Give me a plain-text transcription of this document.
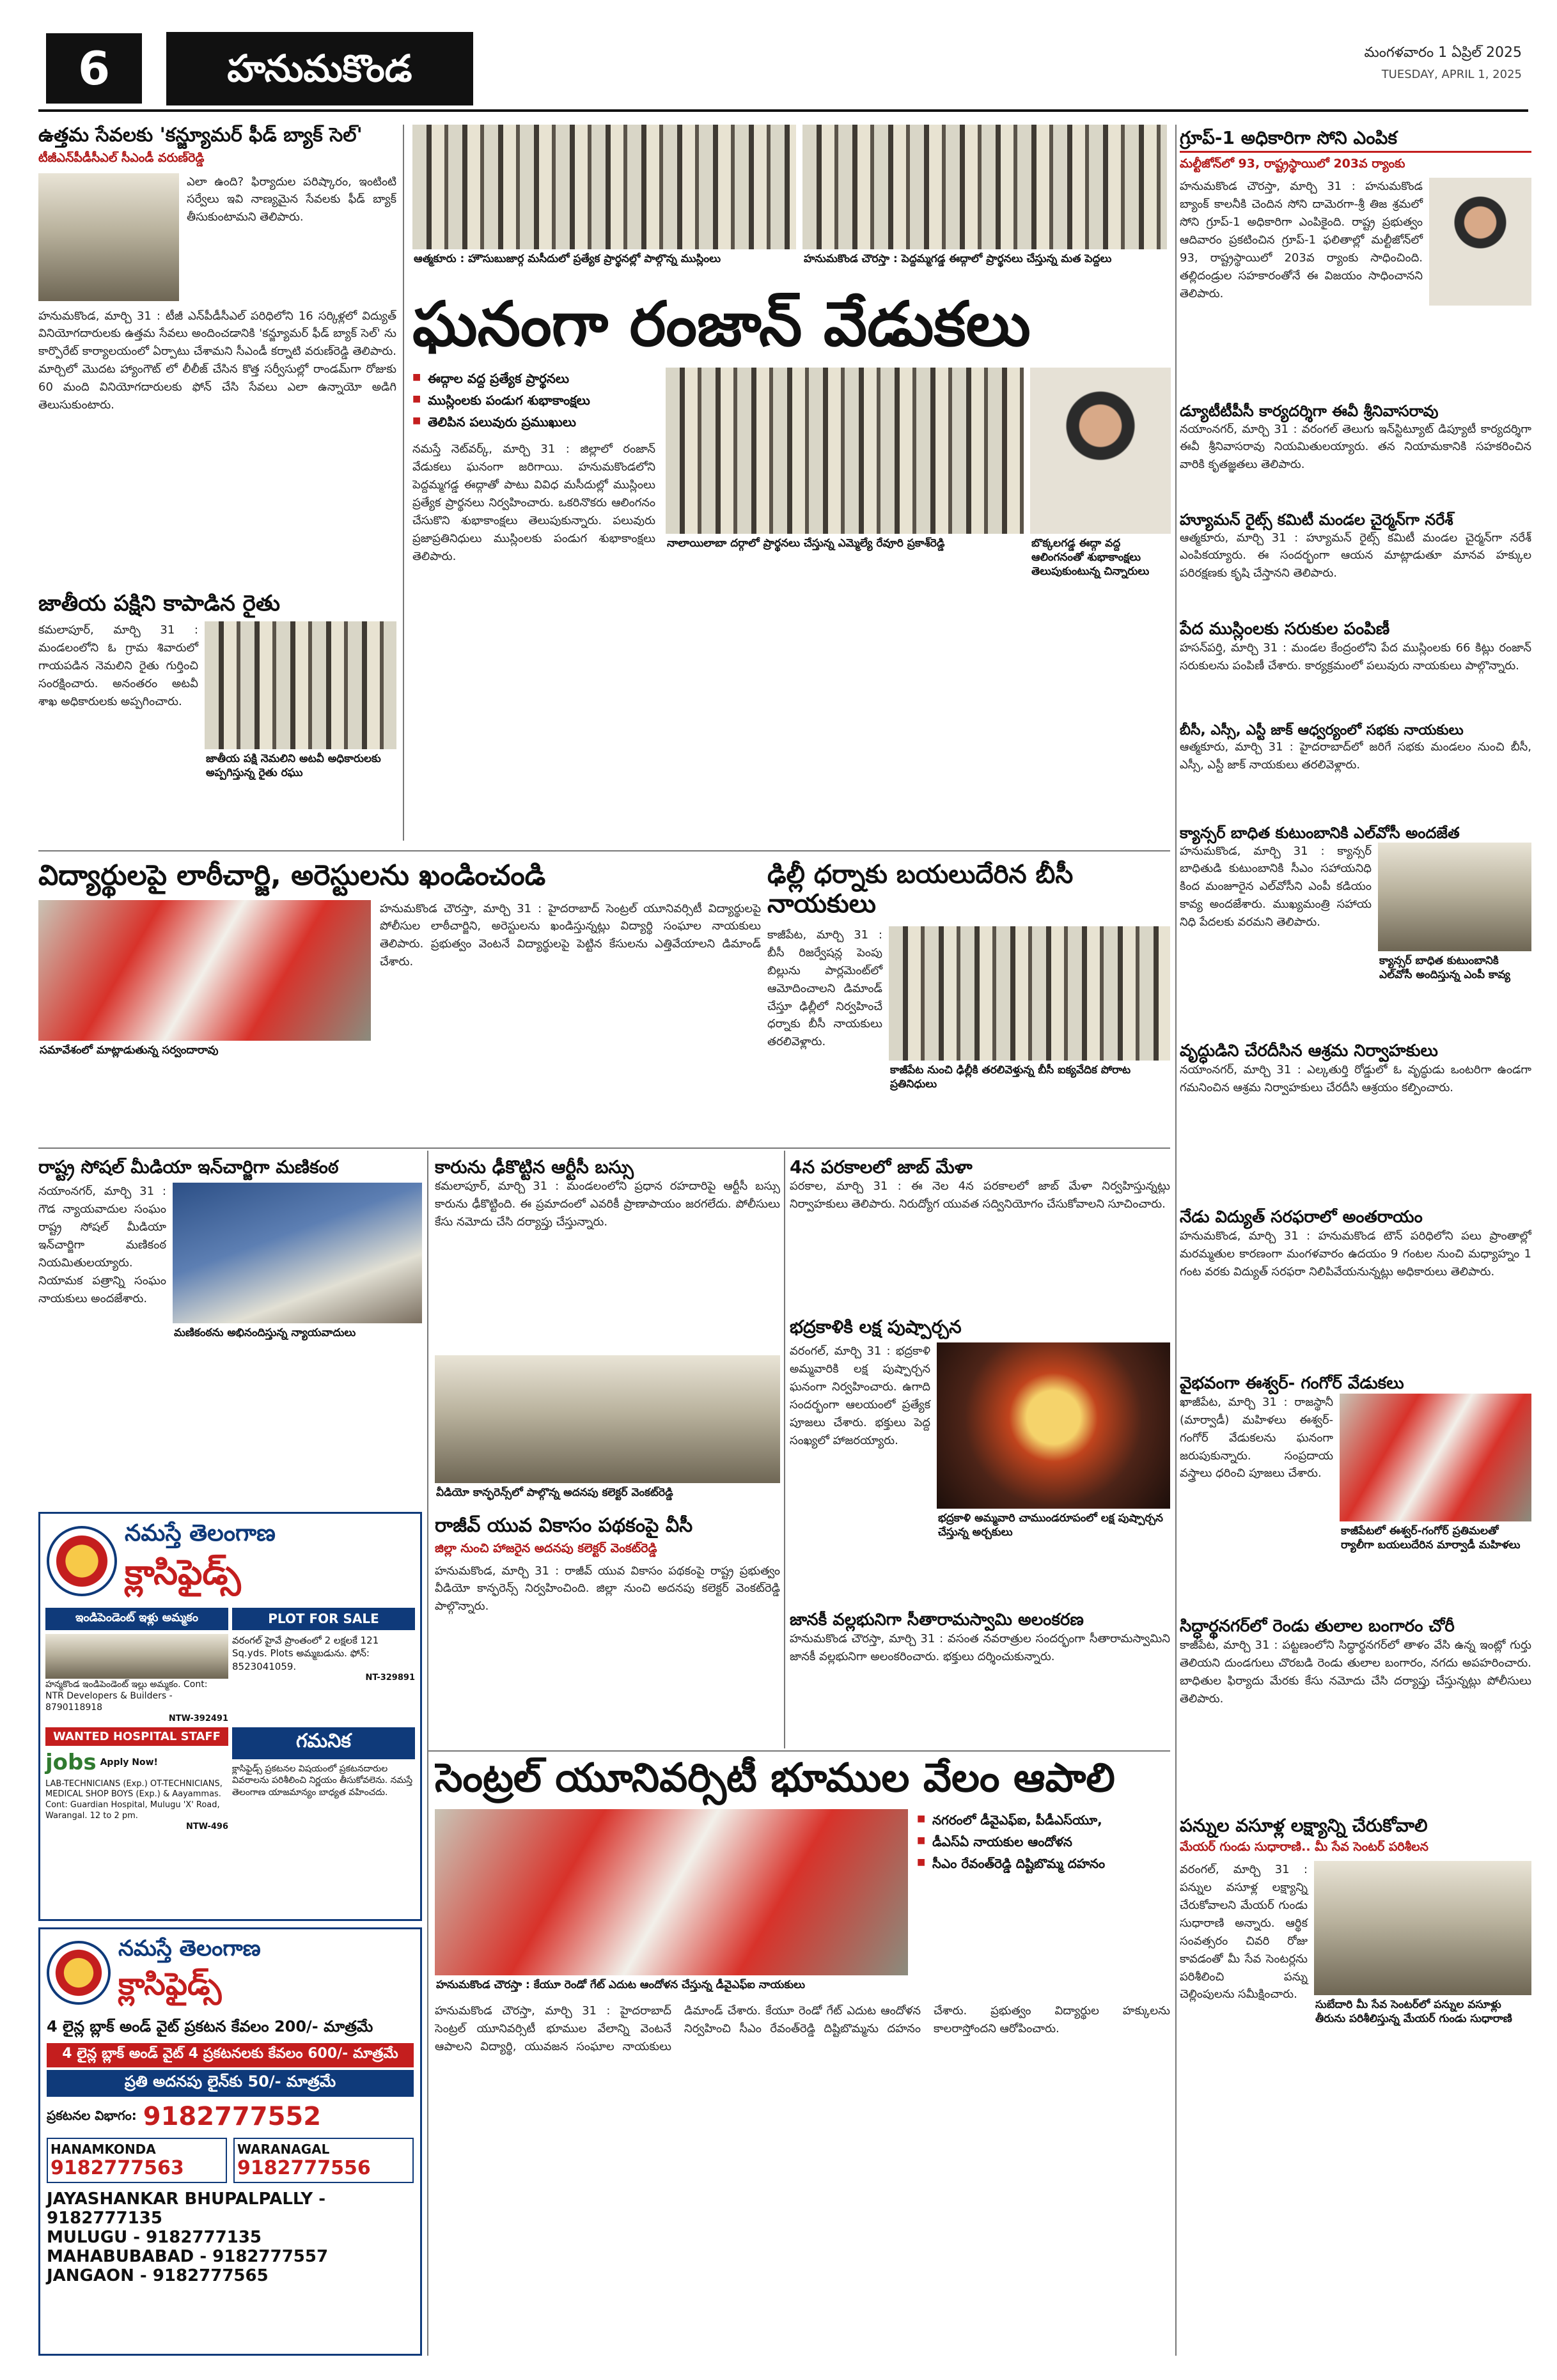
6	హనుమకొండ	మంగళవారం 1 ఏప్రిల్ 2025
TUESDAY, APRIL 1, 2025
ఉత్తమ సేవలకు 'కన్జ్యూమర్ ఫీడ్ బ్యాక్ సెల్'
టీజీఎన్‌పీడీసీఎల్ సీఎండీ వరుణ్‌రెడ్డి
ఎలా ఉంది? ఫిర్యాదుల పరిష్కారం, ఇంటింటి సర్వేలు ఇవి నాణ్యమైన సేవలకు ఫీడ్ బ్యాక్ తీసుకుంటామని తెలిపారు.
హనుమకొండ, మార్చి 31 : టీజీ ఎన్‌పీడీసీఎల్ పరిధిలోని 16 సర్కిళ్లలో విద్యుత్ వినియోగదారులకు ఉత్తమ సేవలు అందించడానికి 'కన్జ్యూమర్ ఫీడ్ బ్యాక్ సెల్' ను కార్పొరేట్ కార్యాలయంలో ఏర్పాటు చేశామని సీఎండీ కర్నాటి వరుణ్‌రెడ్డి తెలిపారు. మార్చిలో మొదట హ్యాంగౌట్ లో లీలీజ్ చేసిన కొత్త సర్వీసుల్లో రాండమ్‌గా రోజుకు 60 మంది వినియోగదారులకు ఫోన్ చేసి సేవలు ఎలా ఉన్నాయో అడిగి తెలుసుకుంటారు.
ఆత్మకూరు : హౌసుబుజార్గ మసీదులో ప్రత్యేక ప్రార్థనల్లో పాల్గొన్న ముస్లింలు	హనుమకొండ చౌరస్తా : పెద్దమ్మగడ్డ ఈద్గాలో ప్రార్థనలు చేస్తున్న మత పెద్దలు
గ్రూప్-1 అధికారిగా సోని ఎంపిక
మల్టీజోన్‌లో 93, రాష్ట్రస్థాయిలో 203వ ర్యాంకు
హనుమకొండ చౌరస్తా, మార్చి 31 : హనుమకొండ బ్యాంక్ కాలనీకి చెందిన సోని దామెరగా-శ్రీ తిజ శ్రమలో సోని గ్రూప్-1 అధికారిగా ఎంపికైంది. రాష్ట్ర ప్రభుత్వం ఆదివారం ప్రకటించిన గ్రూప్-1 ఫలితాల్లో మల్టీజోన్‌లో 93, రాష్ట్రస్థాయిలో 203వ ర్యాంకు సాధించింది. తల్లిదండ్రుల సహకారంతోనే ఈ విజయం సాధించానని తెలిపారు.
ఘనంగా రంజాన్ వేడుకలు
■ ఈద్గాల వద్ద ప్రత్యేక ప్రార్థనలు
■ ముస్లింలకు పండుగ శుభాకాంక్షలు
■ తెలిపిన పలువురు ప్రముఖులు
నమస్తే నెట్‌వర్క్, మార్చి 31 : జిల్లాలో రంజాన్ వేడుకలు ఘనంగా జరిగాయి. హనుమకొండలోని పెద్దమ్మగడ్డ ఈద్గాతో పాటు వివిధ మసీదుల్లో ముస్లింలు ప్రత్యేక ప్రార్థనలు నిర్వహించారు. ఒకరినొకరు ఆలింగనం చేసుకొని శుభాకాంక్షలు తెలుపుకున్నారు. పలువురు ప్రజాప్రతినిధులు ముస్లింలకు పండుగ శుభాకాంక్షలు తెలిపారు.
నాలాయిలాబా దర్గాలో ప్రార్థనలు చేస్తున్న ఎమ్మెల్యే రేవూరి ప్రకాశ్‌రెడ్డి	బొక్కలగడ్డ ఈద్గా వద్ద ఆలింగనంతో శుభాకాంక్షలు తెలుపుకుంటున్న చిన్నారులు
డ్యూటీటీపీసీ కార్యదర్శిగా ఈవీ శ్రీనివాసరావు
నయాంనగర్, మార్చి 31 : వరంగల్ తెలుగు ఇన్‌స్టిట్యూట్ డిప్యూటీ కార్యదర్శిగా ఈవీ శ్రీనివాసరావు నియమితులయ్యారు. తన నియామకానికి సహకరించిన వారికి కృతజ్ఞతలు తెలిపారు.
హ్యూమన్ రైట్స్ కమిటీ మండల చైర్మన్‌గా నరేశ్
ఆత్మకూరు, మార్చి 31 : హ్యూమన్ రైట్స్ కమిటీ మండల చైర్మన్‌గా నరేశ్ ఎంపికయ్యారు. ఈ సందర్భంగా ఆయన మాట్లాడుతూ మానవ హక్కుల పరిరక్షణకు కృషి చేస్తానని తెలిపారు.
పేద ముస్లింలకు సరుకుల పంపిణీ
హసన్‌పర్తి, మార్చి 31 : మండల కేంద్రంలోని పేద ముస్లింలకు 66 కిట్లు రంజాన్ సరుకులను పంపిణీ చేశారు. కార్యక్రమంలో పలువురు నాయకులు పాల్గొన్నారు.
బీసీ, ఎస్సీ, ఎస్టీ జాక్ ఆధ్వర్యంలో సభకు నాయకులు
ఆత్మకూరు, మార్చి 31 : హైదరాబాద్‌లో జరిగే సభకు మండలం నుంచి బీసీ, ఎస్సీ, ఎస్టీ జాక్ నాయకులు తరలివెళ్లారు.
క్యాన్సర్ బాధిత కుటుంబానికి ఎల్‌వోసీ అందజేత
హనుమకొండ, మార్చి 31 : క్యాన్సర్ బాధితుడి కుటుంబానికి సీఎం సహాయనిధి కింద మంజూరైన ఎల్‌వోసీని ఎంపీ కడియం కావ్య అందజేశారు. ముఖ్యమంత్రి సహాయ నిధి పేదలకు వరమని తెలిపారు.
క్యాన్సర్ బాధిత కుటుంబానికి ఎల్‌వోసీ అందిస్తున్న ఎంపీ కావ్య
వృద్ధుడిని చేరదీసిన ఆశ్రమ నిర్వాహకులు
నయాంనగర్, మార్చి 31 : ఎల్కతుర్తి రోడ్డులో ఓ వృద్ధుడు ఒంటరిగా ఉండగా గమనించిన ఆశ్రమ నిర్వాహకులు చేరదీసి ఆశ్రయం కల్పించారు.
నేడు విద్యుత్ సరఫరాలో అంతరాయం
హనుమకొండ, మార్చి 31 : హనుమకొండ టౌన్ పరిధిలోని పలు ప్రాంతాల్లో మరమ్మతుల కారణంగా మంగళవారం ఉదయం 9 గంటల నుంచి మధ్యాహ్నం 1 గంట వరకు విద్యుత్ సరఫరా నిలిపివేయనున్నట్లు అధికారులు తెలిపారు.
వైభవంగా ఈశ్వర్- గంగోర్ వేడుకలు
ఖాజీపేట, మార్చి 31 : రాజస్థానీ (మార్వాడీ) మహిళలు ఈశ్వర్- గంగోర్ వేడుకలను ఘనంగా జరుపుకున్నారు. సంప్రదాయ వస్త్రాలు ధరించి పూజలు చేశారు.
కాజీపేటలో ఈశ్వర్-గంగోర్ ప్రతిమలతో ర్యాలీగా బయలుదేరిన మార్వాడీ మహిళలు
సిద్ధార్థనగర్‌లో రెండు తులాల బంగారం చోరీ
కాజీపేట, మార్చి 31 : పట్టణంలోని సిద్ధార్థనగర్‌లో తాళం వేసి ఉన్న ఇంట్లో గుర్తు తెలియని దుండగులు చొరబడి రెండు తులాల బంగారం, నగదు అపహరించారు. బాధితుల ఫిర్యాదు మేరకు కేసు నమోదు చేసి దర్యాప్తు చేస్తున్నట్లు పోలీసులు తెలిపారు.
పన్నుల వసూళ్ల లక్ష్యాన్ని చేరుకోవాలి
మేయర్ గుండు సుధారాణి.. మీ సేవ సెంటర్ పరిశీలన
వరంగల్, మార్చి 31 : పన్నుల వసూళ్ల లక్ష్యాన్ని చేరుకోవాలని మేయర్ గుండు సుధారాణి అన్నారు. ఆర్థిక సంవత్సరం చివరి రోజు కావడంతో మీ సేవ సెంటర్లను పరిశీలించి పన్ను చెల్లింపులను సమీక్షించారు.
సుబేదారి మీ సేవ సెంటర్‌లో పన్నుల వసూళ్లు తీరును పరిశీలిస్తున్న మేయర్ గుండు సుధారాణి
జాతీయ పక్షిని కాపాడిన రైతు
కమలాపూర్, మార్చి 31 : మండలంలోని ఓ గ్రామ శివారులో గాయపడిన నెమలిని రైతు గుర్తించి సంరక్షించారు. అనంతరం అటవీ శాఖ అధికారులకు అప్పగించారు.
జాతీయ పక్షి నెమలిని అటవీ అధికారులకు అప్పగిస్తున్న రైతు రఘు
విద్యార్థులపై లాఠీచార్జి, అరెస్టులను ఖండించండి
సమావేశంలో మాట్లాడుతున్న సర్వందారావు
హనుమకొండ చౌరస్తా, మార్చి 31 : హైదరాబాద్ సెంట్రల్ యూనివర్సిటీ విద్యార్థులపై పోలీసుల లాఠీచార్జిని, అరెస్టులను ఖండిస్తున్నట్లు విద్యార్థి సంఘాల నాయకులు తెలిపారు. ప్రభుత్వం వెంటనే విద్యార్థులపై పెట్టిన కేసులను ఎత్తివేయాలని డిమాండ్ చేశారు.
ఢిల్లీ ధర్నాకు బయలుదేరిన బీసీ నాయకులు
కాజీపేట, మార్చి 31 : బీసీ రిజర్వేషన్ల పెంపు బిల్లును పార్లమెంట్‌లో ఆమోదించాలని డిమాండ్ చేస్తూ ఢిల్లీలో నిర్వహించే ధర్నాకు బీసీ నాయకులు తరలివెళ్లారు.
కాజీపేట నుంచి ఢిల్లీకి తరలివెళ్తున్న బీసీ ఐక్యవేదిక పోరాట ప్రతినిధులు
రాష్ట్ర సోషల్ మీడియా ఇన్‌చార్జిగా మణికంఠ
నయాంనగర్, మార్చి 31 : గౌడ న్యాయవాదుల సంఘం రాష్ట్ర సోషల్ మీడియా ఇన్‌చార్జిగా మణికంఠ నియమితులయ్యారు. నియామక పత్రాన్ని సంఘం నాయకులు అందజేశారు.
మణికంఠను అభినందిస్తున్న న్యాయవాదులు
కారును ఢీకొట్టిన ఆర్టీసీ బస్సు
కమలాపూర్, మార్చి 31 : మండలంలోని ప్రధాన రహదారిపై ఆర్టీసీ బస్సు కారును ఢీకొట్టింది. ఈ ప్రమాదంలో ఎవరికీ ప్రాణాపాయం జరగలేదు. పోలీసులు కేసు నమోదు చేసి దర్యాప్తు చేస్తున్నారు.
వీడియో కాన్ఫరెన్స్‌లో పాల్గొన్న అదనపు కలెక్టర్ వెంకట్‌రెడ్డి
రాజీవ్ యువ వికాసం పథకంపై వీసీ
జిల్లా నుంచి హాజరైన అదనపు కలెక్టర్ వెంకట్‌రెడ్డి
హనుమకొండ, మార్చి 31 : రాజీవ్ యువ వికాసం పథకంపై రాష్ట్ర ప్రభుత్వం వీడియో కాన్ఫరెన్స్ నిర్వహించింది. జిల్లా నుంచి అదనపు కలెక్టర్ వెంకట్‌రెడ్డి పాల్గొన్నారు.
4న పరకాలలో జాబ్ మేళా
పరకాల, మార్చి 31 : ఈ నెల 4న పరకాలలో జాబ్ మేళా నిర్వహిస్తున్నట్లు నిర్వాహకులు తెలిపారు. నిరుద్యోగ యువత సద్వినియోగం చేసుకోవాలని సూచించారు.
భద్రకాళికి లక్ష పుష్పార్చన
వరంగల్, మార్చి 31 : భద్రకాళి అమ్మవారికి లక్ష పుష్పార్చన ఘనంగా నిర్వహించారు. ఉగాది సందర్భంగా ఆలయంలో ప్రత్యేక పూజలు చేశారు. భక్తులు పెద్ద సంఖ్యలో హాజరయ్యారు.
భద్రకాళి అమ్మవారి చాముండరూపంలో లక్ష పుష్పార్చన చేస్తున్న అర్చకులు
జానకీ వల్లభునిగా సీతారామస్వామి అలంకరణ
హనుమకొండ చౌరస్తా, మార్చి 31 : వసంత నవరాత్రుల సందర్భంగా సీతారామస్వామిని జానకీ వల్లభునిగా అలంకరించారు. భక్తులు దర్శించుకున్నారు.
సెంట్రల్ యూనివర్సిటీ భూముల వేలం ఆపాలి
హనుమకొండ చౌరస్తా : కేయూ రెండో గేట్ ఎదుట ఆందోళన చేస్తున్న డీవైఎఫ్ఐ నాయకులు
■ నగరంలో డీవైఎఫ్ఐ, పీడీఎస్‌యూ,
■ డీఎస్‌ఏ నాయకుల ఆందోళన
■ సీఎం రేవంత్‌రెడ్డి దిష్టిబొమ్మ దహనం
హనుమకొండ చౌరస్తా, మార్చి 31 : హైదరాబాద్ సెంట్రల్ యూనివర్సిటీ భూముల వేలాన్ని వెంటనే ఆపాలని విద్యార్థి, యువజన సంఘాల నాయకులు డిమాండ్ చేశారు. కేయూ రెండో గేట్ ఎదుట ఆందోళన నిర్వహించి సీఎం రేవంత్‌రెడ్డి దిష్టిబొమ్మను దహనం చేశారు. ప్రభుత్వం విద్యార్థుల హక్కులను కాలరాస్తోందని ఆరోపించారు.
నమస్తే తెలంగాణ
క్లాసిఫైడ్స్
ఇండిపెండెంట్ ఇళ్లు అమ్మకం	PLOT FOR SALE
హన్మకొండ ఇండిపెండెంట్ ఇల్లు అమ్మకం. Cont: NTR Developers & Builders - 8790118918
NTW-392491
వరంగల్ హైవే ప్రాంతంలో 2 లక్షలకే 121 Sq.yds. Plots అమ్మబడును. ఫోన్: 8523041059.
NT-329891
WANTED HOSPITAL STAFF
jobs Apply Now!
LAB-TECHNICIANS (Exp.) OT-TECHNICIANS, MEDICAL SHOP BOYS (Exp.) & Aayammas. Cont: Guardian Hospital, Mulugu 'X' Road, Warangal. 12 to 2 pm.
NTW-496
గమనిక
క్లాసిఫైడ్స్ ప్రకటనల విషయంలో ప్రకటనదారుల వివరాలను పరిశీలించి నిర్ణయం తీసుకోవలెను. నమస్తే తెలంగాణ యాజమాన్యం బాధ్యత వహించదు.
నమస్తే తెలంగాణ
క్లాసిఫైడ్స్
4 లైన్ల బ్లాక్ అండ్ వైట్ ప్రకటన కేవలం 200/- మాత్రమే
4 లైన్ల బ్లాక్ అండ్ వైట్ 4 ప్రకటనలకు కేవలం 600/- మాత్రమే
ప్రతి అదనపు లైన్‌కు 50/- మాత్రమే
ప్రకటనల విభాగం: 9182777552
HANAMKONDA
9182777563
WARANAGAL
9182777556
JAYASHANKAR BHUPALPALLY - 9182777135
MULUGU - 9182777135
MAHABUBABAD - 9182777557
JANGAON - 9182777565
